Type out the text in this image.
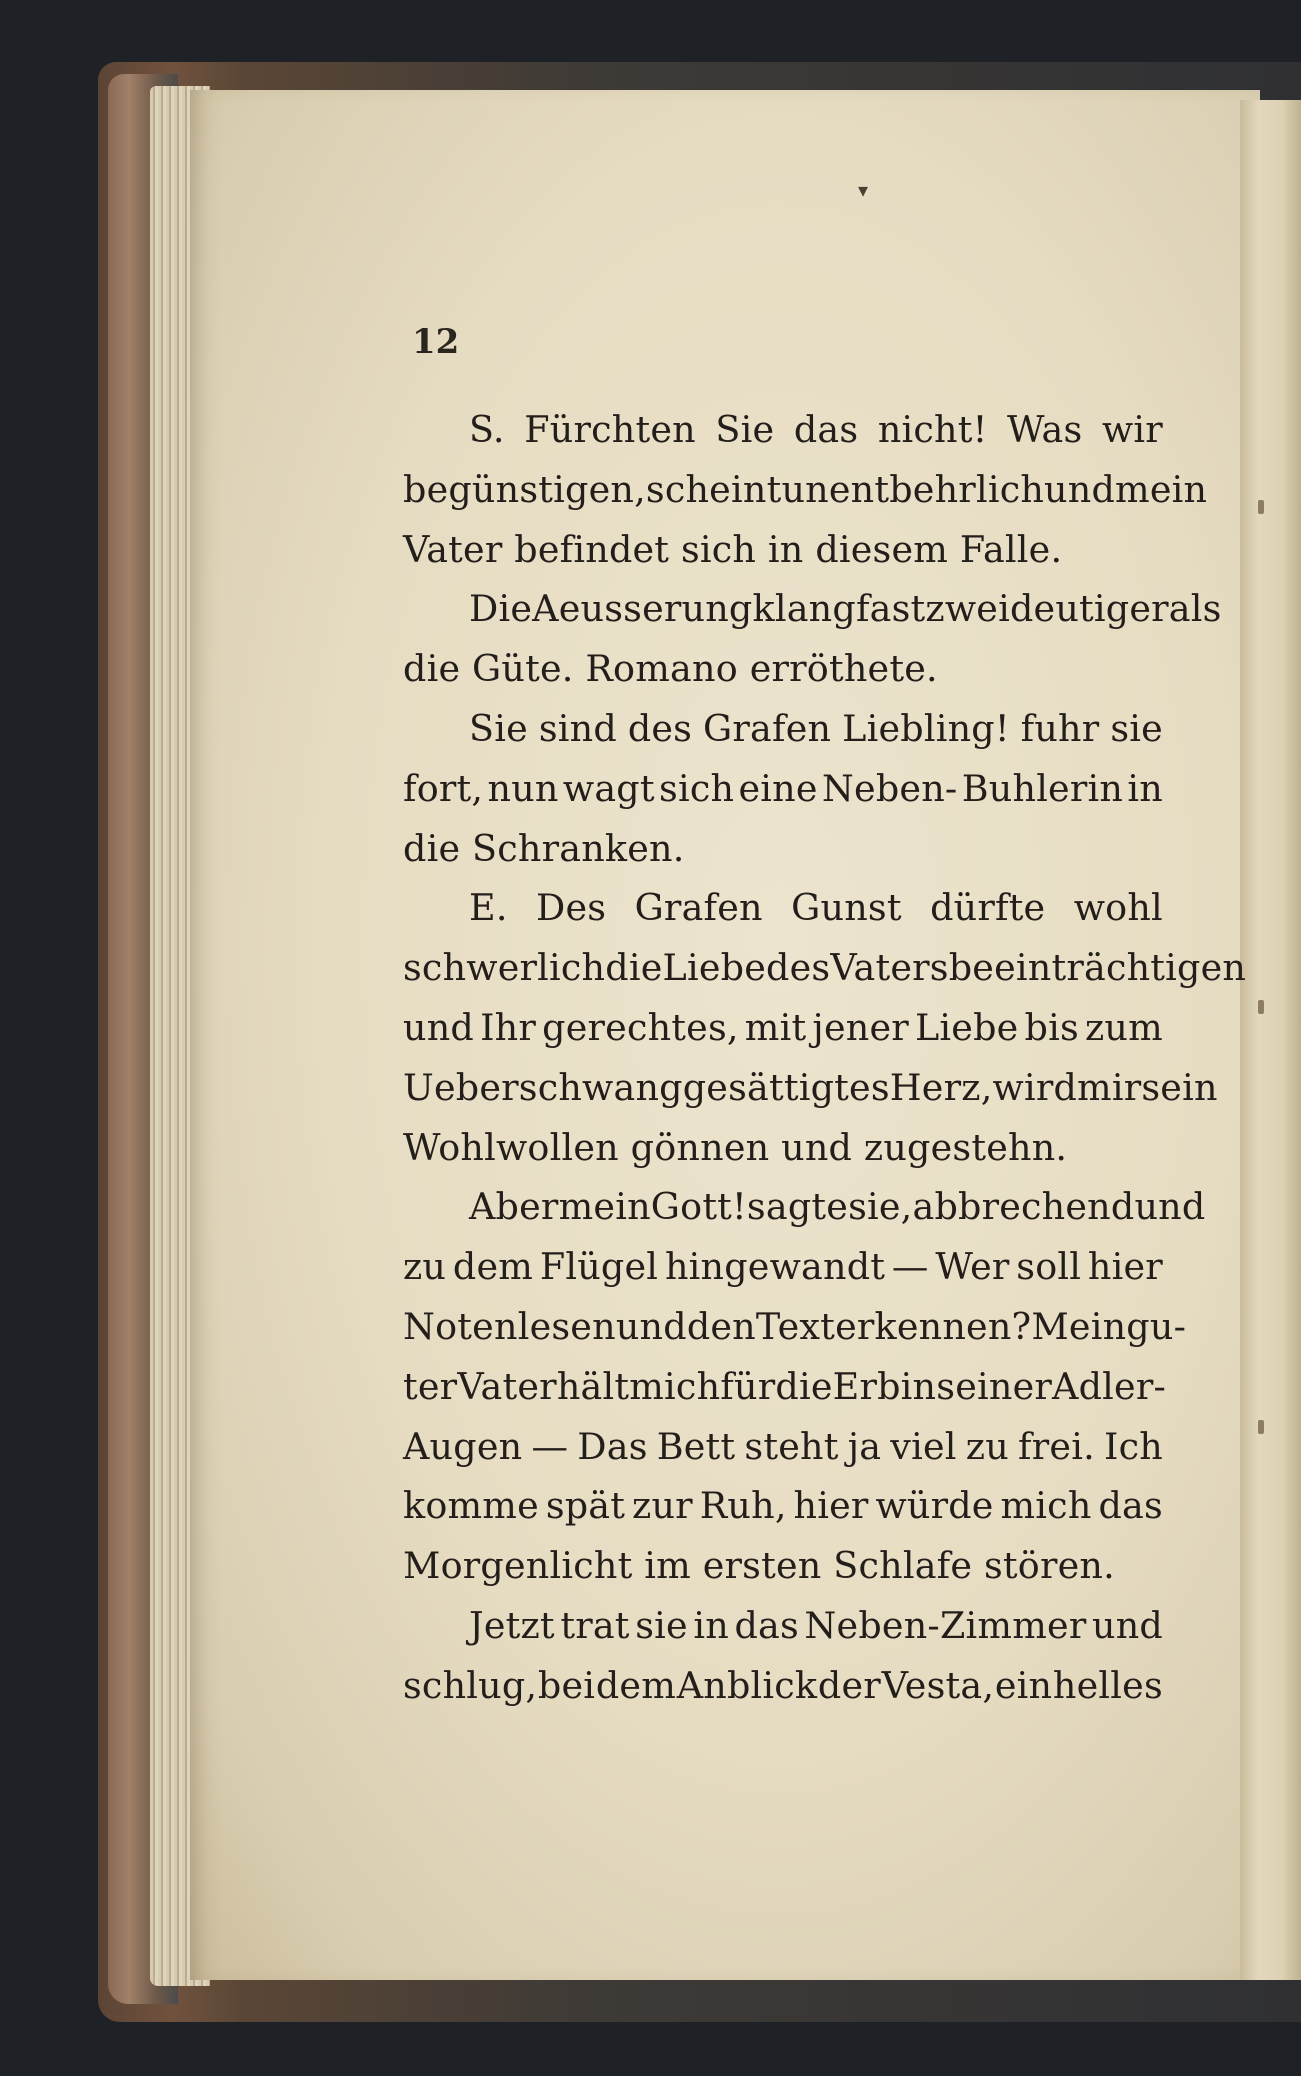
▾
12
S. Fürchten Sie das nicht! Was wir
begünstigen, scheint unentbehrlich und mein
Vater befindet sich in diesem Falle.
Die Aeusserung klang fast zweideutiger als
die Güte. Romano erröthete.
Sie sind des Grafen Liebling! fuhr sie
fort, nun wagt sich eine Neben- Buhlerin in
die Schranken.
E. Des Grafen Gunst dürfte wohl
schwerlich die Liebe des Vaters beeinträchtigen
und Ihr gerechtes, mit jener Liebe bis zum
Ueberschwang gesättigtes Herz, wird mir sein
Wohlwollen gönnen und zugestehn.
Aber mein Gott! sagte sie, abbrechend und
zu dem Flügel hingewandt — Wer soll hier
Noten lesen und den Text erkennen? Mein gu-
ter Vater hält mich für die Erbin seiner Adler-
Augen — Das Bett steht ja viel zu frei. Ich
komme spät zur Ruh, hier würde mich das
Morgenlicht im ersten Schlafe stören.
Jetzt trat sie in das Neben-Zimmer und
schlug, bei dem Anblick der Vesta, ein helles
